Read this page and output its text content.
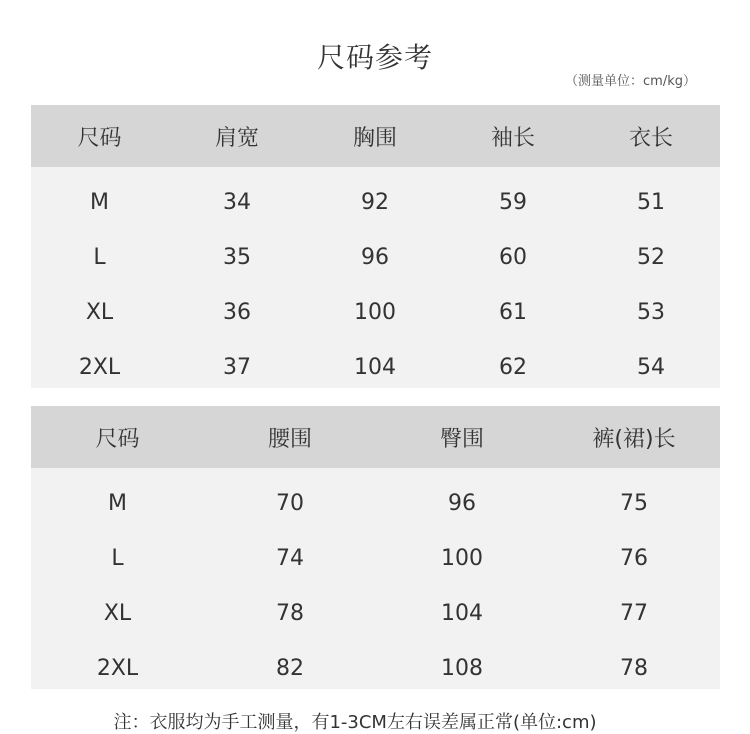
尺码参考
（测量单位：cm/kg）
尺码	肩宽	胸围	袖长	衣长
M	34	92	59	51
L	35	96	60	52
XL	36	100	61	53
2XL	37	104	62	54
尺码	腰围	臀围	裤(裙)长
M	70	96	75
L	74	100	76
XL	78	104	77
2XL	82	108	78
注：衣服均为手工测量，有1-3CM左右误差属正常(单位:cm)
